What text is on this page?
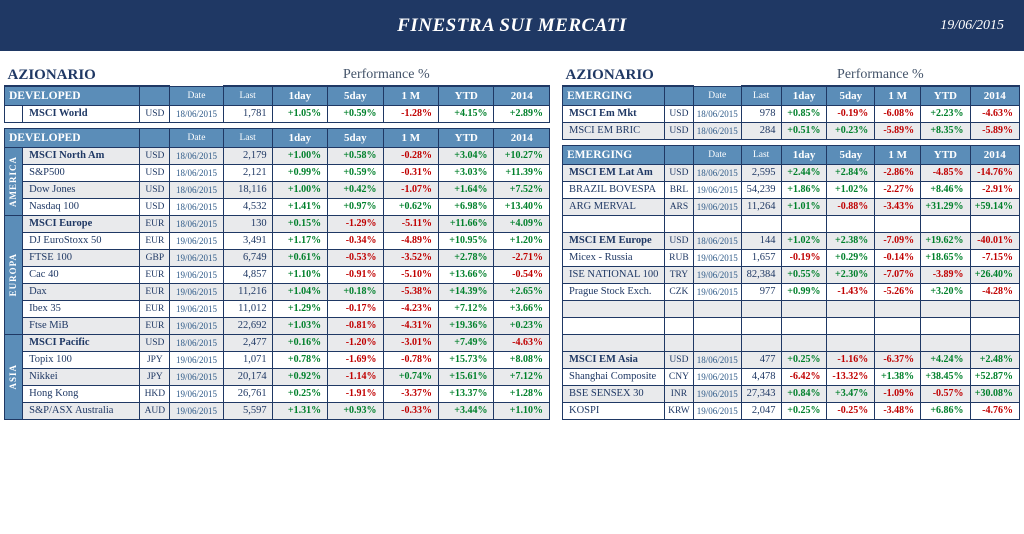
FINESTRA SUI MERCATI	19/06/2015
AZIONARIO				Performance %					
DEVELOPED			Date	Last	1day	5day	1 M	YTD	2014
	MSCI World	USD	18/06/2015	1,781	+1.05%	+0.59%	-1.28%	+4.15%	+2.89%

DEVELOPED			Date	Last	1day	5day	1 M	YTD	2014

AMERICA	MSCI North Am	USD	18/06/2015	2,179	+1.00%	+0.58%	-0.28%	+3.04%	+10.27%
	S&P500	USD	18/06/2015	2,121	+0.99%	+0.59%	-0.31%	+3.03%	+11.39%
	Dow Jones	USD	18/06/2015	18,116	+1.00%	+0.42%	-1.07%	+1.64%	+7.52%
	Nasdaq 100	USD	18/06/2015	4,532	+1.41%	+0.97%	+0.62%	+6.98%	+13.40%

EUROPA	MSCI Europe	EUR	18/06/2015	130	+0.15%	-1.29%	-5.11%	+11.66%	+4.09%
	DJ EuroStoxx 50	EUR	19/06/2015	3,491	+1.17%	-0.34%	-4.89%	+10.95%	+1.20%
	FTSE 100	GBP	19/06/2015	6,749	+0.61%	-0.53%	-3.52%	+2.78%	-2.71%
	Cac 40	EUR	19/06/2015	4,857	+1.10%	-0.91%	-5.10%	+13.66%	-0.54%
	Dax	EUR	19/06/2015	11,216	+1.04%	+0.18%	-5.38%	+14.39%	+2.65%
	Ibex 35	EUR	19/06/2015	11,012	+1.29%	-0.17%	-4.23%	+7.12%	+3.66%
	Ftse MiB	EUR	19/06/2015	22,692	+1.03%	-0.81%	-4.31%	+19.36%	+0.23%

ASIA	MSCI Pacific	USD	18/06/2015	2,477	+0.16%	-1.20%	-3.01%	+7.49%	-4.63%
	Topix 100	JPY	19/06/2015	1,071	+0.78%	-1.69%	-0.78%	+15.73%	+8.08%
	Nikkei	JPY	19/06/2015	20,174	+0.92%	-1.14%	+0.74%	+15.61%	+7.12%
	Hong Kong	HKD	19/06/2015	26,761	+0.25%	-1.91%	-3.37%	+13.37%	+1.28%
	S&P/ASX Australia	AUD	19/06/2015	5,597	+1.31%	+0.93%	-0.33%	+3.44%	+1.10%
AZIONARIO			Performance %					
EMERGING		Date	Last	1day	5day	1 M	YTD	2014
MSCI Em Mkt	USD	18/06/2015	978	+0.85%	-0.19%	-6.08%	+2.23%	-4.63%
MSCI EM BRIC	USD	18/06/2015	284	+0.51%	+0.23%	-5.89%	+8.35%	-5.89%

EMERGING		Date	Last	1day	5day	1 M	YTD	2014
MSCI EM Lat Am	USD	18/06/2015	2,595	+2.44%	+2.84%	-2.86%	-4.85%	-14.76%
BRAZIL BOVESPA	BRL	19/06/2015	54,239	+1.86%	+1.02%	-2.27%	+8.46%	-2.91%
ARG MERVAL	ARS	19/06/2015	11,264	+1.01%	-0.88%	-3.43%	+31.29%	+59.14%

MSCI EM Europe	USD	18/06/2015	144	+1.02%	+2.38%	-7.09%	+19.62%	-40.01%
Micex - Russia	RUB	19/06/2015	1,657	-0.19%	+0.29%	-0.14%	+18.65%	-7.15%
ISE NATIONAL 100	TRY	19/06/2015	82,384	+0.55%	+2.30%	-7.07%	-3.89%	+26.40%
Prague Stock Exch.	CZK	19/06/2015	977	+0.99%	-1.43%	-5.26%	+3.20%	-4.28%

MSCI EM Asia	USD	18/06/2015	477	+0.25%	-1.16%	-6.37%	+4.24%	+2.48%
Shanghai Composite	CNY	19/06/2015	4,478	-6.42%	-13.32%	+1.38%	+38.45%	+52.87%
BSE SENSEX 30	INR	19/06/2015	27,343	+0.84%	+3.47%	-1.09%	-0.57%	+30.08%
KOSPI	KRW	19/06/2015	2,047	+0.25%	-0.25%	-3.48%	+6.86%	-4.76%
